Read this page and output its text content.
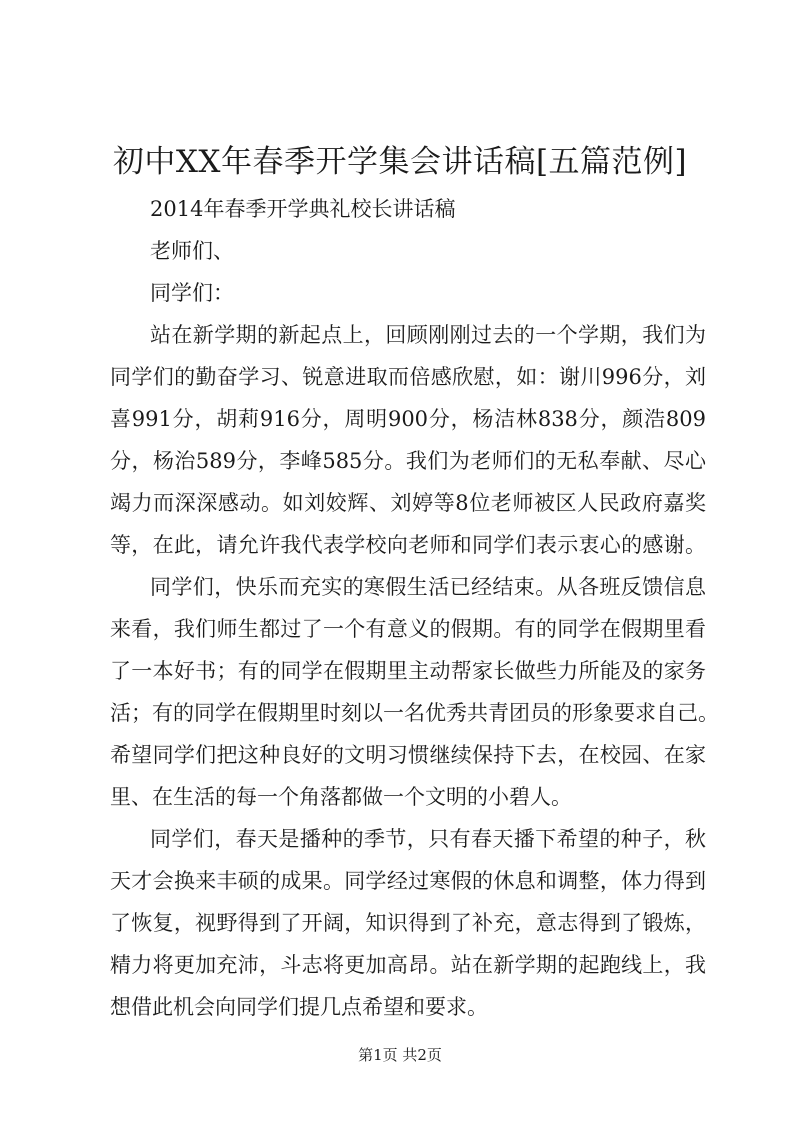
初中XX年春季开学集会讲话稿[五篇范例]

2014年春季开学典礼校长讲话稿

老师们、

同学们：

站在新学期的新起点上，回顾刚刚过去的一个学期，我们为

同学们的勤奋学习、锐意进取而倍感欣慰，如：谢川996分，刘

喜991分，胡莉916分，周明900分，杨洁林838分，颜浩809

分，杨治589分，李峰585分。我们为老师们的无私奉献、尽心

竭力而深深感动。如刘姣辉、刘婷等8位老师被区人民政府嘉奖

等，在此，请允许我代表学校向老师和同学们表示衷心的感谢。

同学们，快乐而充实的寒假生活已经结束。从各班反馈信息

来看，我们师生都过了一个有意义的假期。有的同学在假期里看

了一本好书；有的同学在假期里主动帮家长做些力所能及的家务

活；有的同学在假期里时刻以一名优秀共青团员的形象要求自己。

希望同学们把这种良好的文明习惯继续保持下去，在校园、在家

里、在生活的每一个角落都做一个文明的小碧人。

同学们，春天是播种的季节，只有春天播下希望的种子，秋

天才会换来丰硕的成果。同学经过寒假的休息和调整，体力得到

了恢复，视野得到了开阔，知识得到了补充，意志得到了锻炼，

精力将更加充沛，斗志将更加高昂。站在新学期的起跑线上，我

想借此机会向同学们提几点希望和要求。

第1页 共2页
